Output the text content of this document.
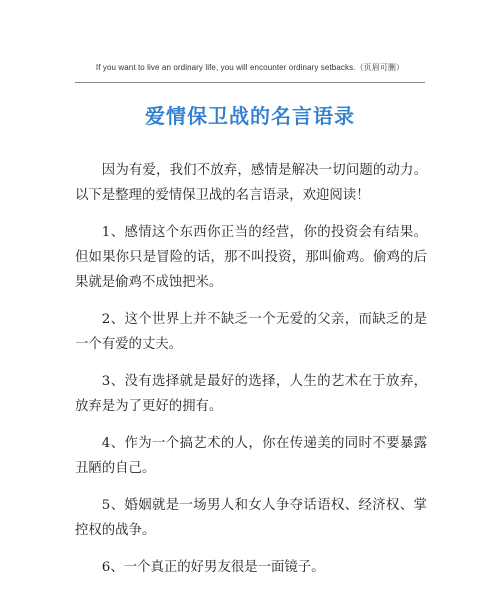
If you want to live an ordinary life, you will encounter ordinary setbacks.（页眉可删）
爱情保卫战的名言语录

因为有爱，我们不放弃，感情是解决一切问题的动力。以下是整理的爱情保卫战的名言语录，欢迎阅读！

1、感情这个东西你正当的经营，你的投资会有结果。但如果你只是冒险的话，那不叫投资，那叫偷鸡。偷鸡的后果就是偷鸡不成蚀把米。

2、这个世界上并不缺乏一个无爱的父亲，而缺乏的是一个有爱的丈夫。

3、没有选择就是最好的选择，人生的艺术在于放弃，放弃是为了更好的拥有。

4、作为一个搞艺术的人，你在传递美的同时不要暴露丑陋的自己。

5、婚姻就是一场男人和女人争夺话语权、经济权、掌控权的战争。

6、一个真正的好男友很是一面镜子。
